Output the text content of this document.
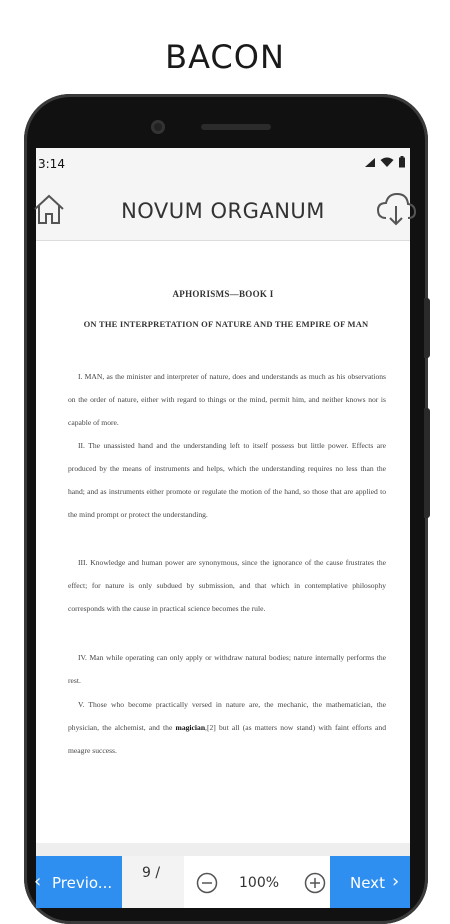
BACON
3:14
NOVUM ORGANUM
APHORISMS—BOOK I
ON THE INTERPRETATION OF NATURE AND THE EMPIRE OF MAN
I. MAN, as the minister and interpreter of nature, does and understands as much as his observations on the order of nature, either with regard to things or the mind, permit him, and neither knows nor is capable of more.
II. The unassisted hand and the understanding left to itself possess but little power. Effects are produced by the means of instruments and helps, which the understanding requires no less than the hand; and as instruments either promote or regulate the motion of the hand, so those that are applied to the mind prompt or protect the understanding.
III. Knowledge and human power are synonymous, since the ignorance of the cause frustrates the effect; for nature is only subdued by submission, and that which in contemplative philosophy corresponds with the cause in practical science becomes the rule.
IV. Man while operating can only apply or withdraw natural bodies; nature internally performs the rest.
V. Those who become practically versed in nature are, the mechanic, the mathematician, the physician, the alchemist, and the magician,[2] but all (as matters now stand) with faint efforts and meagre success.
‹ Previo...
9 /
100%	Next ›
